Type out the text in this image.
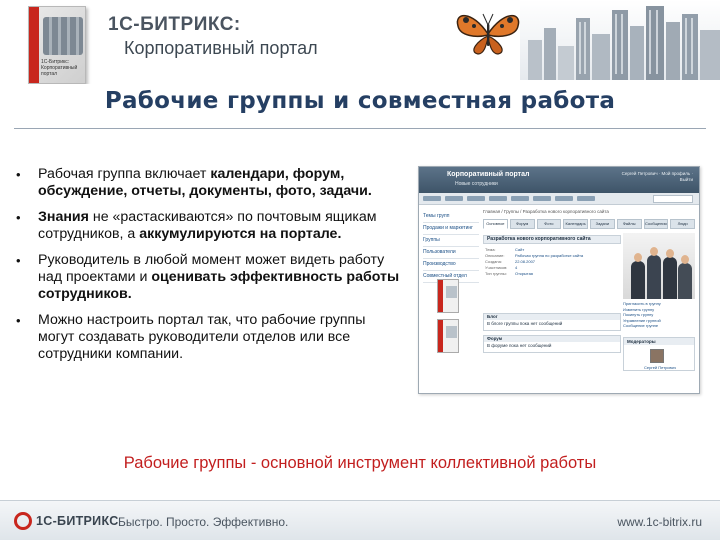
1С-Битрикс: Корпоративный портал
1С-БИТРИКС:
Корпоративный портал
Рабочие группы и совместная работа
• Рабочая группа включает календари, форум, обсуждение, отчеты, документы, фото, задачи.
• Знания не «растаскиваются» по почтовым ящикам сотрудников, а аккумулируются на портале.
• Руководитель в любой момент может видеть работу над проектами и оценивать эффективность работы сотрудников.
• Можно настроить портал так, что рабочие группы могут создавать руководители отделов или все сотрудники компании.
Корпоративный портал
Новые сотрудники
Сергей Петрович · Мой профиль · Выйти
Темы групп
Продажи и маркетинг
Группы
Пользователи
Производство
Совместный отдел
Главная / Группы / Разработка нового корпоративного сайта
Основное	Форум	Фото	Календарь	Задачи	Файлы	Сообщения	Люди
Разработка нового корпоративного сайта
Тема:	Сайт
Описание:	Рабочая группа по разработке сайта
Создана:	22.08.2007
Участников:	4
Тип группы:	Открытая
Пригласить в группу
Изменить группу
Покинуть группу
Управление группой
Сообщение группе
Блог
В блоге группы пока нет сообщений
Форум
В форуме пока нет сообщений
Модераторы
Сергей Петрович
Рабочие группы - основной инструмент коллективной работы
1С-БИТРИКС Быстро. Просто. Эффективно.	www.1c-bitrix.ru
